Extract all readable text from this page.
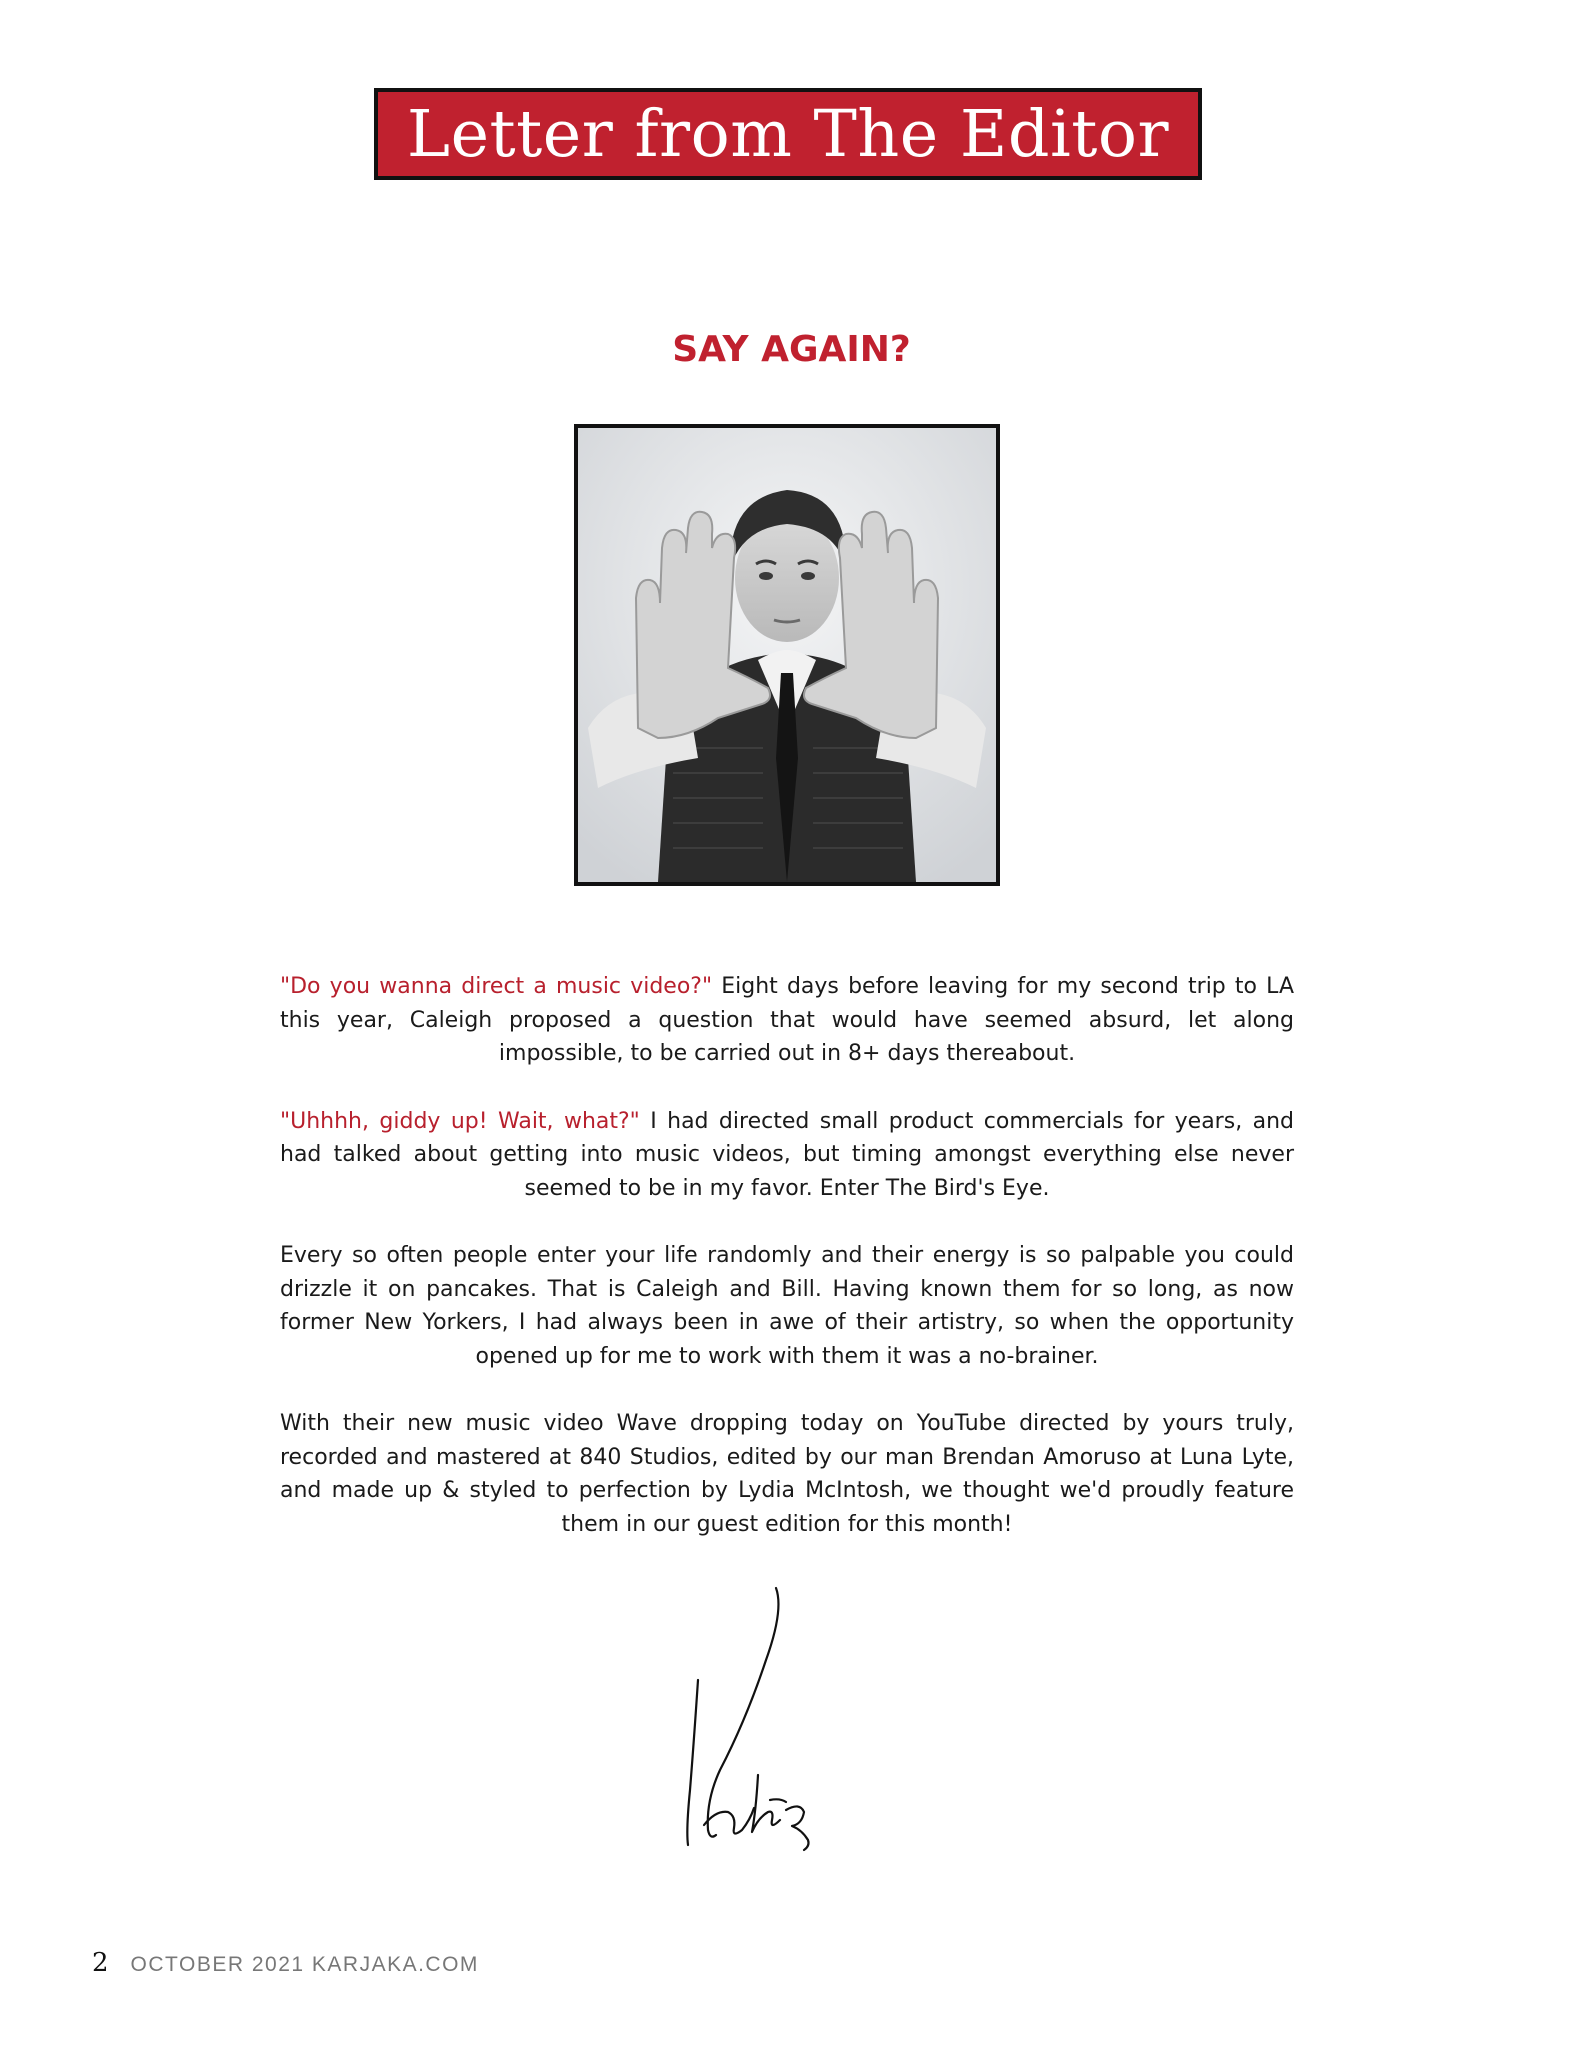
Letter from The Editor
SAY AGAIN?

"Do you wanna direct a music video?" Eight days before leaving for my second trip to LA this year, Caleigh proposed a question that would have seemed absurd, let along impossible, to be carried out in 8+ days thereabout.

"Uhhhh, giddy up! Wait, what?" I had directed small product commercials for years, and had talked about getting into music videos, but timing amongst everything else never seemed to be in my favor. Enter The Bird's Eye.

Every so often people enter your life randomly and their energy is so palpable you could drizzle it on pancakes. That is Caleigh and Bill. Having known them for so long, as now former New Yorkers, I had always been in awe of their artistry, so when the opportunity opened up for me to work with them it was a no-brainer.

With their new music video Wave dropping today on YouTube directed by yours truly, recorded and mastered at 840 Studios, edited by our man Brendan Amoruso at Luna Lyte, and made up & styled to perfection by Lydia McIntosh, we thought we'd proudly feature them in our guest edition for this month!

2 OCTOBER 2021 KARJAKA.COM
